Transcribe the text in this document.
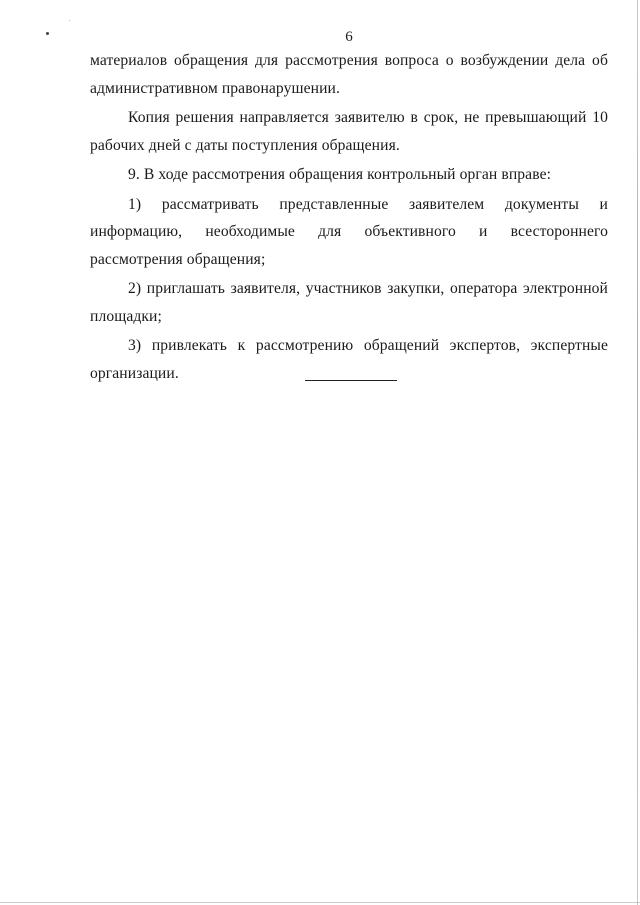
6

материалов обращения для рассмотрения вопроса о возбуждении дела об административном правонарушении.

Копия решения направляется заявителю в срок, не превышающий 10 рабочих дней с даты поступления обращения.

9. В ходе рассмотрения обращения контрольный орган вправе:

1) рассматривать представленные заявителем документы и информацию, необходимые для объективного и всестороннего рассмотрения обращения;

2) приглашать заявителя, участников закупки, оператора электронной площадки;

3) привлекать к рассмотрению обращений экспертов, экспертные организации.
